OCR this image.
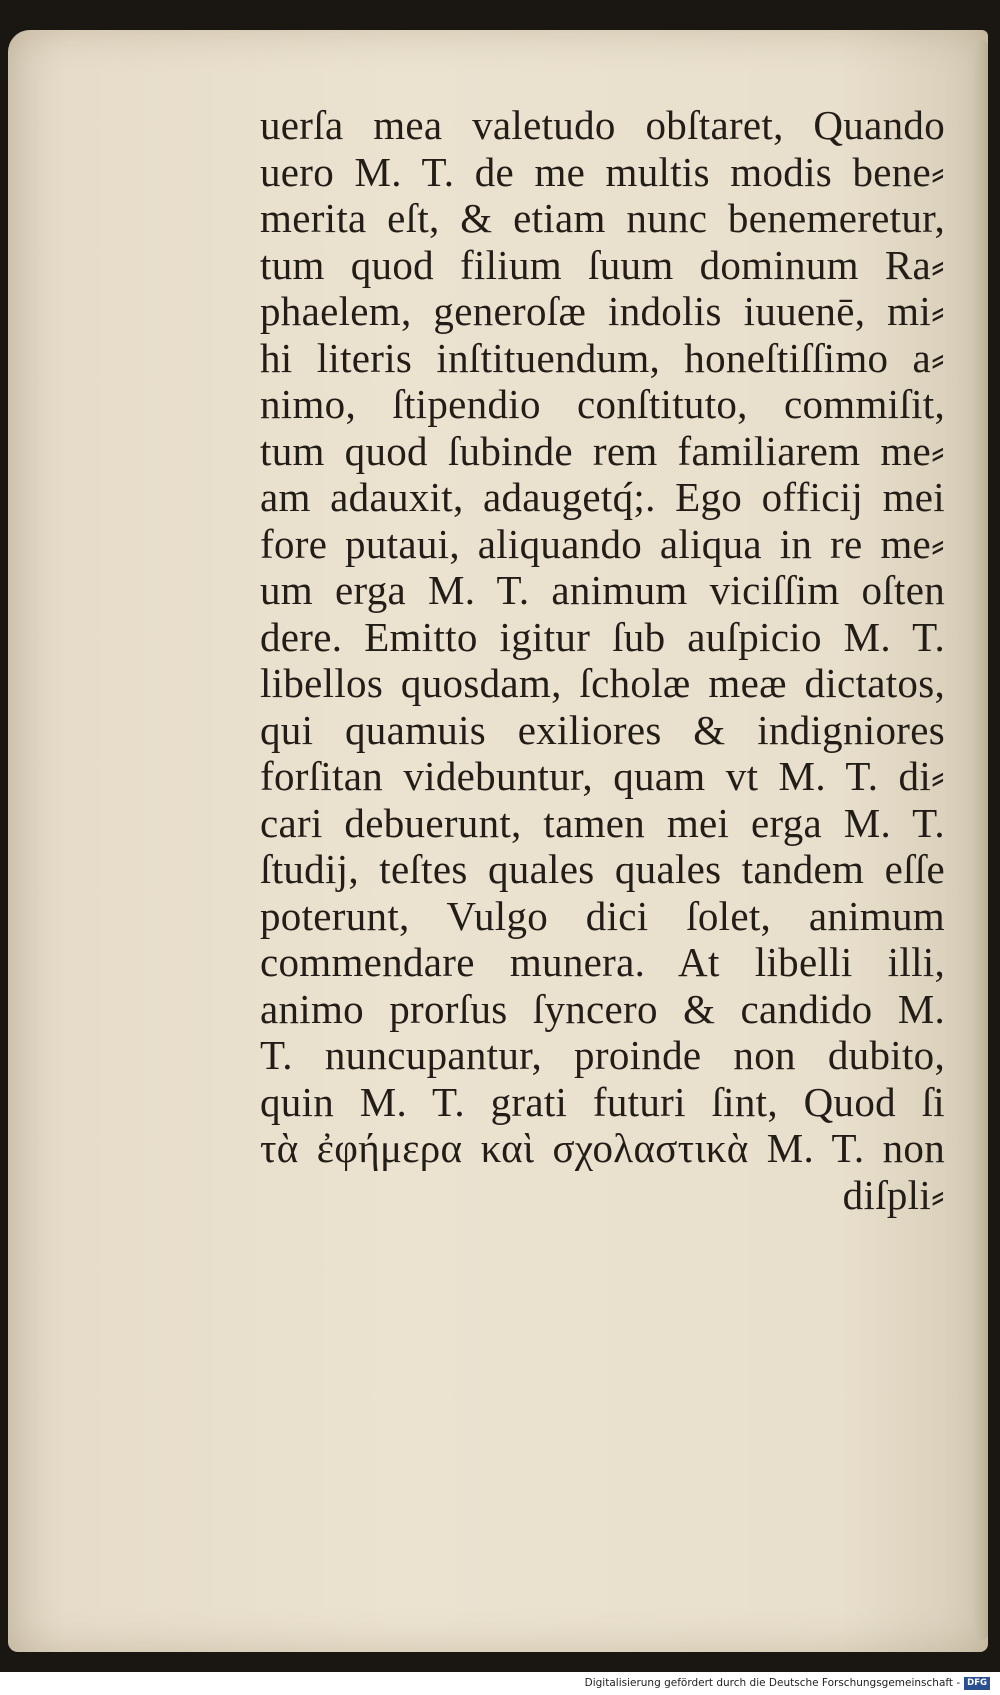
uerſa mea valetudo obſtaret, Quando
uero M. T. de me multis modis bene⸗
merita eſt, & etiam nunc benemeretur,
tum quod filium ſuum dominum Ra⸗
phaelem, generoſæ indolis iuuenē, mi⸗
hi literis inſtituendum, honeſtiſſimo a⸗
nimo, ſtipendio conſtituto, commiſit,
tum quod ſubinde rem familiarem me⸗
am adauxit, adaugetq́;. Ego officij mei
fore putaui, aliquando aliqua in re me⸗
um erga M. T. animum viciſſim oſten
dere. Emitto igitur ſub auſpicio M. T.
libellos quosdam, ſcholæ meæ dictatos,
qui quamuis exiliores & indigniores
forſitan videbuntur, quam vt M. T. di⸗
cari debuerunt, tamen mei erga M. T.
ſtudij, teſtes quales quales tandem eſſe
poterunt, Vulgo dici ſolet, animum
commendare munera. At libelli illi,
animo prorſus ſyncero & candido M.
T. nuncupantur, proinde non dubito,
quin M. T. grati futuri ſint, Quod ſi
τὰ ἐφήμερα καὶ σχολαστικὰ M. T. non
diſpli⸗
Digitalisierung gefördert durch die Deutsche Forschungsgemeinschaft - DFG
